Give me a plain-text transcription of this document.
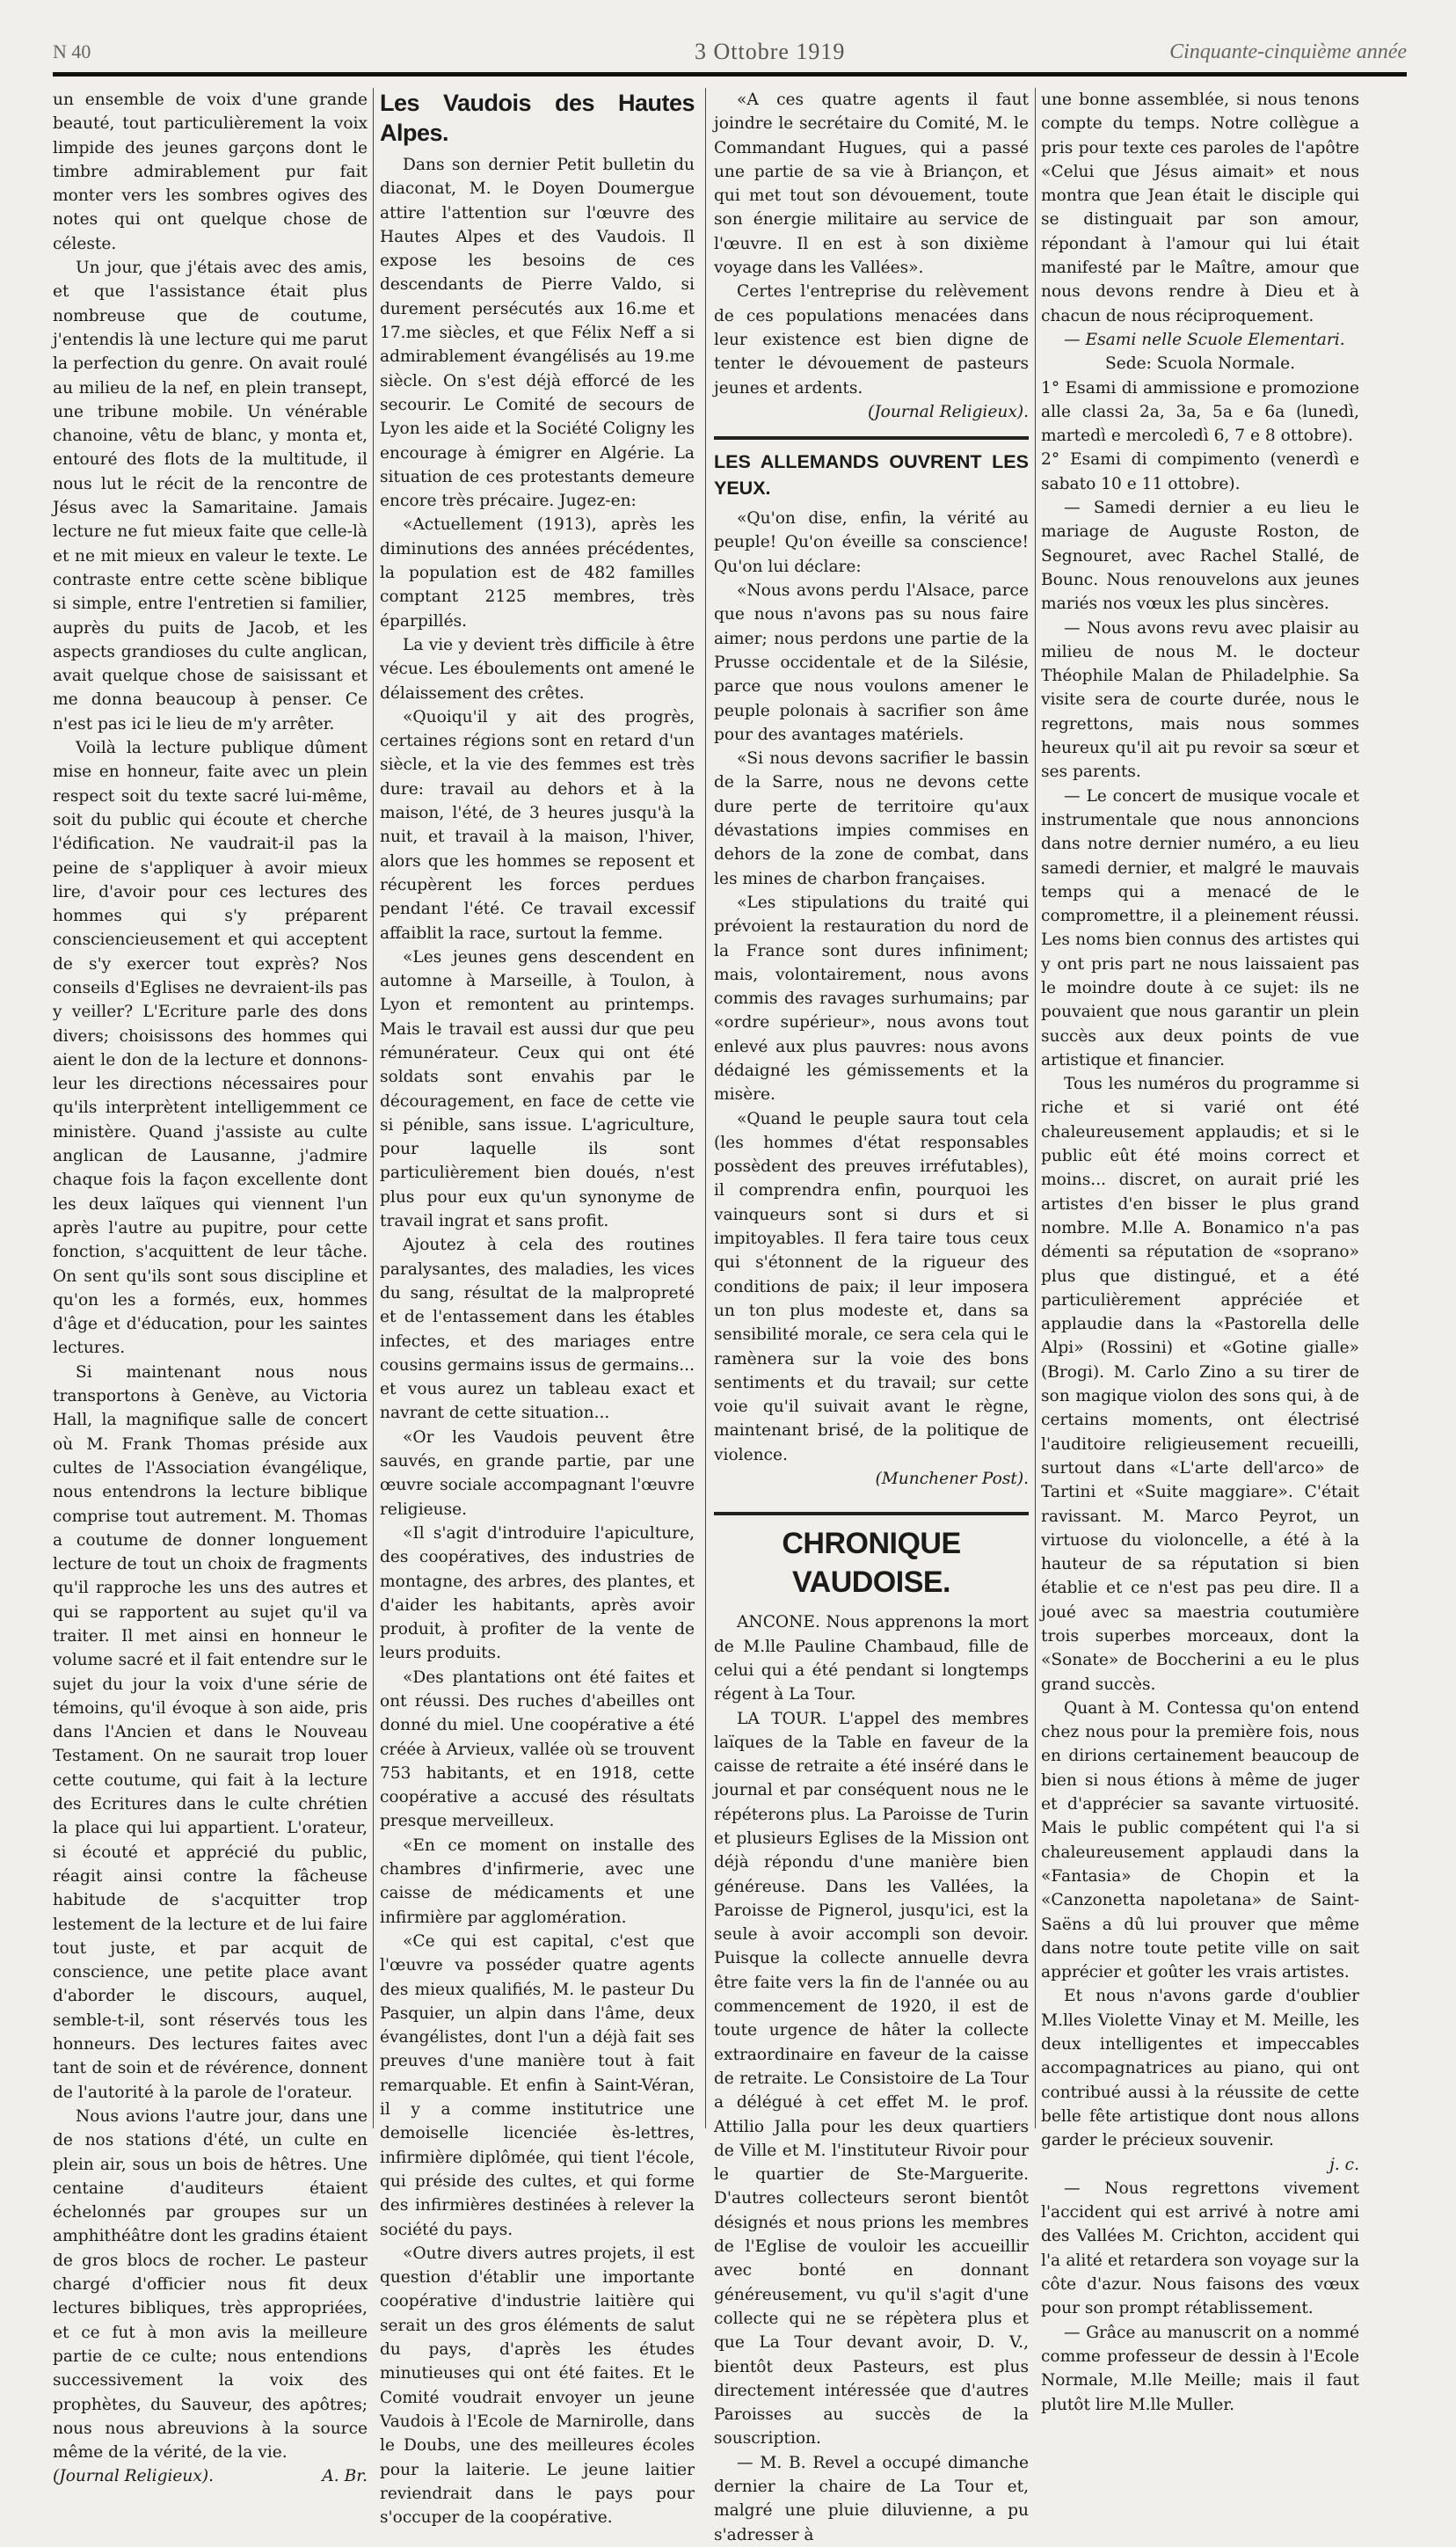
N 40	3 Ottobre 1919	Cinquante-cinquième année

un ensemble de voix d'une grande beauté, tout particulièrement la voix limpide des jeunes garçons dont le timbre admirablement pur fait monter vers les sombres ogives des notes qui ont quelque chose de céleste.

Un jour, que j'étais avec des amis, et que l'assistance était plus nombreuse que de coutume, j'entendis là une lecture qui me parut la perfection du genre. On avait roulé au milieu de la nef, en plein transept, une tribune mobile. Un vénérable chanoine, vêtu de blanc, y monta et, entouré des flots de la multitude, il nous lut le récit de la rencontre de Jésus avec la Samaritaine. Jamais lecture ne fut mieux faite que celle-là et ne mit mieux en valeur le texte. Le contraste entre cette scène biblique si simple, entre l'entretien si familier, auprès du puits de Jacob, et les aspects grandioses du culte anglican, avait quelque chose de saisissant et me donna beaucoup à penser. Ce n'est pas ici le lieu de m'y arrêter.

Voilà la lecture publique dûment mise en honneur, faite avec un plein respect soit du texte sacré lui-même, soit du public qui écoute et cherche l'édification. Ne vaudrait-il pas la peine de s'appliquer à avoir mieux lire, d'avoir pour ces lectures des hommes qui s'y préparent consciencieusement et qui acceptent de s'y exercer tout exprès? Nos conseils d'Eglises ne devraient-ils pas y veiller? L'Ecriture parle des dons divers; choisissons des hommes qui aient le don de la lecture et donnons-leur les directions nécessaires pour qu'ils interprètent intelligemment ce ministère. Quand j'assiste au culte anglican de Lausanne, j'admire chaque fois la façon excellente dont les deux laïques qui viennent l'un après l'autre au pupitre, pour cette fonction, s'acquittent de leur tâche. On sent qu'ils sont sous discipline et qu'on les a formés, eux, hommes d'âge et d'éducation, pour les saintes lectures.

Si maintenant nous nous transportons à Genève, au Victoria Hall, la magnifique salle de concert où M. Frank Thomas préside aux cultes de l'Association évangélique, nous entendrons la lecture biblique comprise tout autrement. M. Thomas a coutume de donner longuement lecture de tout un choix de fragments qu'il rapproche les uns des autres et qui se rapportent au sujet qu'il va traiter. Il met ainsi en honneur le volume sacré et il fait entendre sur le sujet du jour la voix d'une série de témoins, qu'il évoque à son aide, pris dans l'Ancien et dans le Nouveau Testament. On ne saurait trop louer cette coutume, qui fait à la lecture des Ecritures dans le culte chrétien la place qui lui appartient. L'orateur, si écouté et apprécié du public, réagit ainsi contre la fâcheuse habitude de s'acquitter trop lestement de la lecture et de lui faire tout juste, et par acquit de conscience, une petite place avant d'aborder le discours, auquel, semble-t-il, sont réservés tous les honneurs. Des lectures faites avec tant de soin et de révérence, donnent de l'autorité à la parole de l'orateur.

Nous avions l'autre jour, dans une de nos stations d'été, un culte en plein air, sous un bois de hêtres. Une centaine d'auditeurs étaient échelonnés par groupes sur un amphithéâtre dont les gradins étaient de gros blocs de rocher. Le pasteur chargé d'officier nous fit deux lectures bibliques, très appropriées, et ce fut à mon avis la meilleure partie de ce culte; nous entendions successivement la voix des prophètes, du Sauveur, des apôtres; nous nous abreuvions à la source même de la vérité, de la vie.

(Journal Religieux).	A. Br.
Les Vaudois des Hautes Alpes.

Dans son dernier Petit bulletin du diaconat, M. le Doyen Doumergue attire l'attention sur l'œuvre des Hautes Alpes et des Vaudois. Il expose les besoins de ces descendants de Pierre Valdo, si durement persécutés aux 16.me et 17.me siècles, et que Félix Neff a si admirablement évangélisés au 19.me siècle. On s'est déjà efforcé de les secourir. Le Comité de secours de Lyon les aide et la Société Coligny les encourage à émigrer en Algérie. La situation de ces protestants demeure encore très précaire. Jugez-en:

«Actuellement (1913), après les diminutions des années précédentes, la population est de 482 familles comptant 2125 membres, très éparpillés.

La vie y devient très difficile à être vécue. Les éboulements ont amené le délaissement des crêtes.

«Quoiqu'il y ait des progrès, certaines régions sont en retard d'un siècle, et la vie des femmes est très dure: travail au dehors et à la maison, l'été, de 3 heures jusqu'à la nuit, et travail à la maison, l'hiver, alors que les hommes se reposent et récupèrent les forces perdues pendant l'été. Ce travail excessif affaiblit la race, surtout la femme.

«Les jeunes gens descendent en automne à Marseille, à Toulon, à Lyon et remontent au printemps. Mais le travail est aussi dur que peu rémunérateur. Ceux qui ont été soldats sont envahis par le découragement, en face de cette vie si pénible, sans issue. L'agriculture, pour laquelle ils sont particulièrement bien doués, n'est plus pour eux qu'un synonyme de travail ingrat et sans profit.

Ajoutez à cela des routines paralysantes, des maladies, les vices du sang, résultat de la malpropreté et de l'entassement dans les étables infectes, et des mariages entre cousins germains issus de germains... et vous aurez un tableau exact et navrant de cette situation...

«Or les Vaudois peuvent être sauvés, en grande partie, par une œuvre sociale accompagnant l'œuvre religieuse.

«Il s'agit d'introduire l'apiculture, des coopératives, des industries de montagne, des arbres, des plantes, et d'aider les habitants, après avoir produit, à profiter de la vente de leurs produits.

«Des plantations ont été faites et ont réussi. Des ruches d'abeilles ont donné du miel. Une coopérative a été créée à Arvieux, vallée où se trouvent 753 habitants, et en 1918, cette coopérative a accusé des résultats presque merveilleux.

«En ce moment on installe des chambres d'infirmerie, avec une caisse de médicaments et une infirmière par agglomération.

«Ce qui est capital, c'est que l'œuvre va posséder quatre agents des mieux qualifiés, M. le pasteur Du Pasquier, un alpin dans l'âme, deux évangélistes, dont l'un a déjà fait ses preuves d'une manière tout à fait remarquable. Et enfin à Saint-Véran, il y a comme institutrice une demoiselle licenciée ès-lettres, infirmière diplômée, qui tient l'école, qui préside des cultes, et qui forme des infirmières destinées à relever la société du pays.

«Outre divers autres projets, il est question d'établir une importante coopérative d'industrie laitière qui serait un des gros éléments de salut du pays, d'après les études minutieuses qui ont été faites. Et le Comité voudrait envoyer un jeune Vaudois à l'Ecole de Marnirolle, dans le Doubs, une des meilleures écoles pour la laiterie. Le jeune laitier reviendrait dans le pays pour s'occuper de la coopérative.

«A ces quatre agents il faut joindre le secrétaire du Comité, M. le Commandant Hugues, qui a passé une partie de sa vie à Briançon, et qui met tout son dévouement, toute son énergie militaire au service de l'œuvre. Il en est à son dixième voyage dans les Vallées».

Certes l'entreprise du relèvement de ces populations menacées dans leur existence est bien digne de tenter le dévouement de pasteurs jeunes et ardents.

(Journal Religieux).
LES ALLEMANDS OUVRENT LES YEUX.

«Qu'on dise, enfin, la vérité au peuple! Qu'on éveille sa conscience! Qu'on lui déclare:

«Nous avons perdu l'Alsace, parce que nous n'avons pas su nous faire aimer; nous perdons une partie de la Prusse occidentale et de la Silésie, parce que nous voulons amener le peuple polonais à sacrifier son âme pour des avantages matériels.

«Si nous devons sacrifier le bassin de la Sarre, nous ne devons cette dure perte de territoire qu'aux dévastations impies commises en dehors de la zone de combat, dans les mines de charbon françaises.

«Les stipulations du traité qui prévoient la restauration du nord de la France sont dures infiniment; mais, volontairement, nous avons commis des ravages surhumains; par «ordre supérieur», nous avons tout enlevé aux plus pauvres: nous avons dédaigné les gémissements et la misère.

«Quand le peuple saura tout cela (les hommes d'état responsables possèdent des preuves irréfutables), il comprendra enfin, pourquoi les vainqueurs sont si durs et si impitoyables. Il fera taire tous ceux qui s'étonnent de la rigueur des conditions de paix; il leur imposera un ton plus modeste et, dans sa sensibilité morale, ce sera cela qui le ramènera sur la voie des bons sentiments et du travail; sur cette voie qu'il suivait avant le règne, maintenant brisé, de la politique de violence.

(Munchener Post).
CHRONIQUE VAUDOISE.

ANCONE. Nous apprenons la mort de M.lle Pauline Chambaud, fille de celui qui a été pendant si longtemps régent à La Tour.

LA TOUR. L'appel des membres laïques de la Table en faveur de la caisse de retraite a été inséré dans le journal et par conséquent nous ne le répéterons plus. La Paroisse de Turin et plusieurs Eglises de la Mission ont déjà répondu d'une manière bien généreuse. Dans les Vallées, la Paroisse de Pignerol, jusqu'ici, est la seule à avoir accompli son devoir. Puisque la collecte annuelle devra être faite vers la fin de l'année ou au commencement de 1920, il est de toute urgence de hâter la collecte extraordinaire en faveur de la caisse de retraite. Le Consistoire de La Tour a délégué à cet effet M. le prof. Attilio Jalla pour les deux quartiers de Ville et M. l'instituteur Rivoir pour le quartier de Ste-Marguerite. D'autres collecteurs seront bientôt désignés et nous prions les membres de l'Eglise de vouloir les accueillir avec bonté en donnant généreusement, vu qu'il s'agit d'une collecte qui ne se répètera plus et que La Tour devant avoir, D. V., bientôt deux Pasteurs, est plus directement intéressée que d'autres Paroisses au succès de la souscription.

— M. B. Revel a occupé dimanche dernier la chaire de La Tour et, malgré une pluie diluvienne, a pu s'adresser à

une bonne assemblée, si nous tenons compte du temps. Notre collègue a pris pour texte ces paroles de l'apôtre «Celui que Jésus aimait» et nous montra que Jean était le disciple qui se distinguait par son amour, répondant à l'amour qui lui était manifesté par le Maître, amour que nous devons rendre à Dieu et à chacun de nous réciproquement.

— Esami nelle Scuole Elementari.

Sede: Scuola Normale.

1° Esami di ammissione e promozione alle classi 2a, 3a, 5a e 6a (lunedì, martedì e mercoledì 6, 7 e 8 ottobre).

2° Esami di compimento (venerdì e sabato 10 e 11 ottobre).

— Samedi dernier a eu lieu le mariage de Auguste Roston, de Segnouret, avec Rachel Stallé, de Bounc. Nous renouvelons aux jeunes mariés nos vœux les plus sincères.

— Nous avons revu avec plaisir au milieu de nous M. le docteur Théophile Malan de Philadelphie. Sa visite sera de courte durée, nous le regrettons, mais nous sommes heureux qu'il ait pu revoir sa sœur et ses parents.

— Le concert de musique vocale et instrumentale que nous annoncions dans notre dernier numéro, a eu lieu samedi dernier, et malgré le mauvais temps qui a menacé de le compromettre, il a pleinement réussi. Les noms bien connus des artistes qui y ont pris part ne nous laissaient pas le moindre doute à ce sujet: ils ne pouvaient que nous garantir un plein succès aux deux points de vue artistique et financier.

Tous les numéros du programme si riche et si varié ont été chaleureusement applaudis; et si le public eût été moins correct et moins... discret, on aurait prié les artistes d'en bisser le plus grand nombre. M.lle A. Bonamico n'a pas démenti sa réputation de «soprano» plus que distingué, et a été particulièrement appréciée et applaudie dans la «Pastorella delle Alpi» (Rossini) et «Gotine gialle» (Brogi). M. Carlo Zino a su tirer de son magique violon des sons qui, à de certains moments, ont électrisé l'auditoire religieusement recueilli, surtout dans «L'arte dell'arco» de Tartini et «Suite maggiare». C'était ravissant. M. Marco Peyrot, un virtuose du violoncelle, a été à la hauteur de sa réputation si bien établie et ce n'est pas peu dire. Il a joué avec sa maestria coutumière trois superbes morceaux, dont la «Sonate» de Boccherini a eu le plus grand succès.

Quant à M. Contessa qu'on entend chez nous pour la première fois, nous en dirions certainement beaucoup de bien si nous étions à même de juger et d'apprécier sa savante virtuosité. Mais le public compétent qui l'a si chaleureusement applaudi dans la «Fantasia» de Chopin et la «Canzonetta napoletana» de Saint-Saëns a dû lui prouver que même dans notre toute petite ville on sait apprécier et goûter les vrais artistes.

Et nous n'avons garde d'oublier M.lles Violette Vinay et M. Meille, les deux intelligentes et impeccables accompagnatrices au piano, qui ont contribué aussi à la réussite de cette belle fête artistique dont nous allons garder le précieux souvenir.

j. c.

— Nous regrettons vivement l'accident qui est arrivé à notre ami des Vallées M. Crichton, accident qui l'a alité et retardera son voyage sur la côte d'azur. Nous faisons des vœux pour son prompt rétablissement.

— Grâce au manuscrit on a nommé comme professeur de dessin à l'Ecole Normale, M.lle Meille; mais il faut plutôt lire M.lle Muller.
